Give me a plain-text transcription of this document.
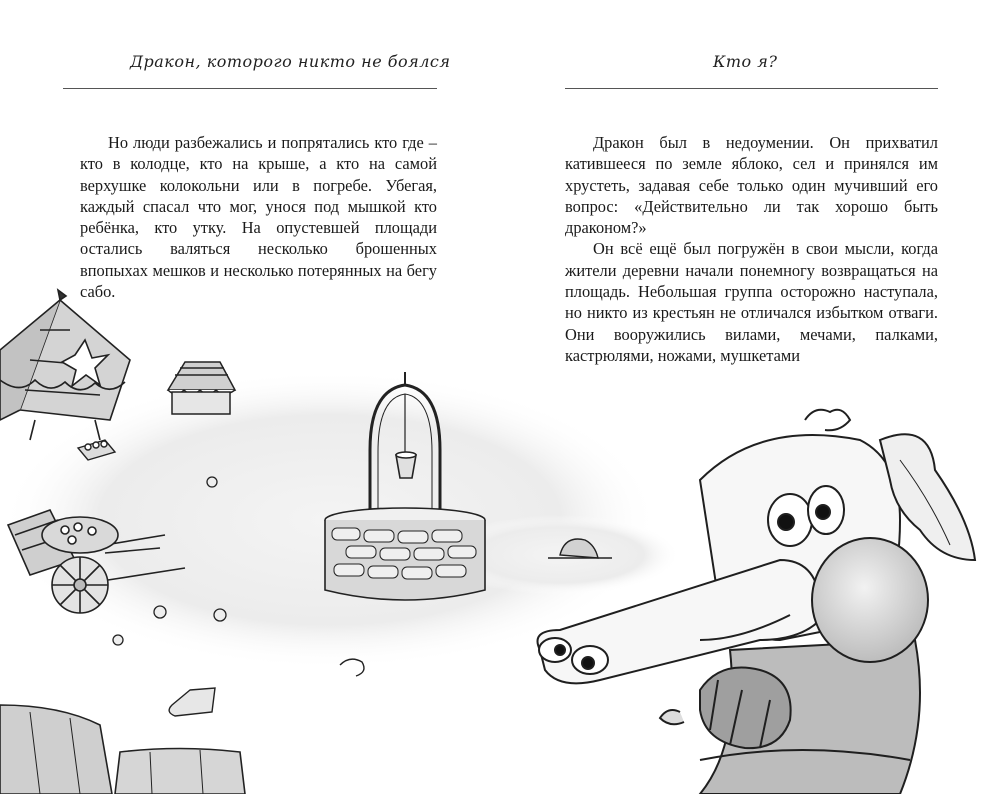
Дракон, которого никто не боялся

Но люди разбежались и попрятались кто где – кто в колодце, кто на крыше, а кто на самой верхушке колокольни или в погребе. Убегая, каждый спасал что мог, унося под мышкой кто ребёнка, кто утку. На опустевшей площади остались валяться несколько брошенных впопыхах мешков и несколько потерянных на бегу сабо.

Кто я?

Дракон был в недоумении. Он прихватил катившееся по земле яблоко, сел и принялся им хрустеть, задавая себе только один мучивший его вопрос: «Действительно ли так хорошо быть драконом?»

Он всё ещё был погружён в свои мысли, когда жители деревни начали понемногу возвращаться на площадь. Небольшая группа осторожно наступала, но никто из крестьян не отличался избытком отваги. Они вооружились вилами, мечами, палками, кастрюлями, ножами, мушкетами
